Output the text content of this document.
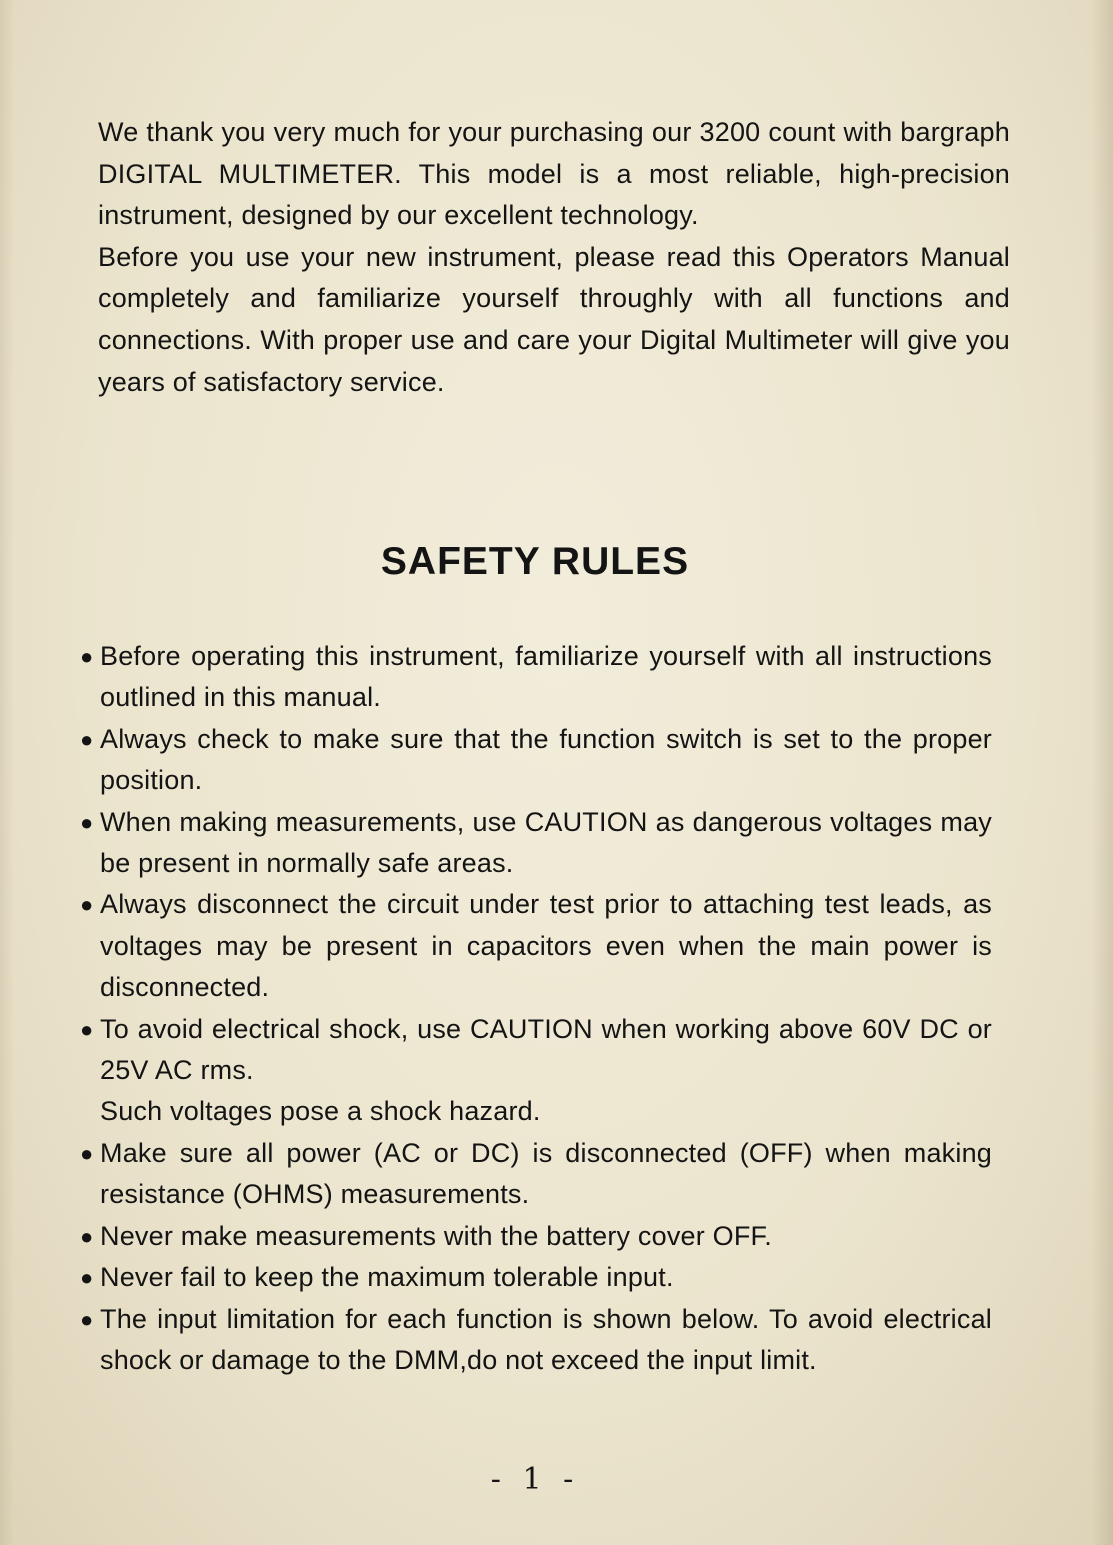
We thank you very much for your purchasing our 3200 count with bargraph DIGITAL MULTIMETER. This model is a most reliable, high-precision instrument, designed by our excellent technology.

Before you use your new instrument, please read this Operators Manual completely and familiarize yourself throughly with all functions and connections. With proper use and care your Digital Multimeter will give you years of satisfactory service.

SAFETY RULES
● Before operating this instrument, familiarize yourself with all instructions outlined in this manual.
● Always check to make sure that the function switch is set to the proper position.
● When making measurements, use CAUTION as dangerous voltages may be present in normally safe areas.
● Always disconnect the circuit under test prior to attaching test leads, as voltages may be present in capacitors even when the main power is disconnected.
● To avoid electrical shock, use CAUTION when working above 60V DC or 25V AC rms.
Such voltages pose a shock hazard.
● Make sure all power (AC or DC) is disconnected (OFF) when making resistance (OHMS) measurements.
● Never make measurements with the battery cover OFF.
● Never fail to keep the maximum tolerable input.
● The input limitation for each function is shown below. To avoid electrical shock or damage to the DMM,do not exceed the input limit.
- 1 -
